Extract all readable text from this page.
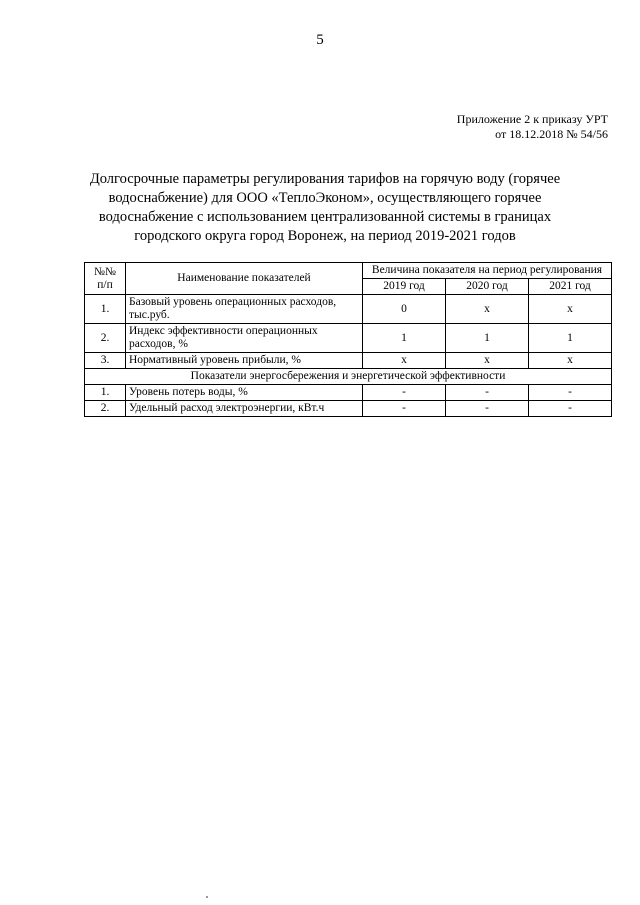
5
Приложение 2 к приказу УРТ
от 18.12.2018 № 54/56
Долгосрочные параметры регулирования тарифов на горячую воду (горячее водоснабжение) для ООО «ТеплоЭконом», осуществляющего горячее водоснабжение с использованием централизованной системы в границах городского округа город Воронеж, на период 2019-2021 годов
№№ п/п	Наименование показателей	Величина показателя на период регулирования		
		2019 год	2020 год	2021 год
1.	Базовый уровень операционных расходов, тыс.руб.	0	х	х
2.	Индекс эффективности операционных расходов, %	1	1	1
3.	Нормативный уровень прибыли, %	х	х	х
Показатели энергосбережения и энергетической эффективности				
1.	Уровень потерь воды, %	-	-	-
2.	Удельный расход электроэнергии, кВт.ч	-	-	-
